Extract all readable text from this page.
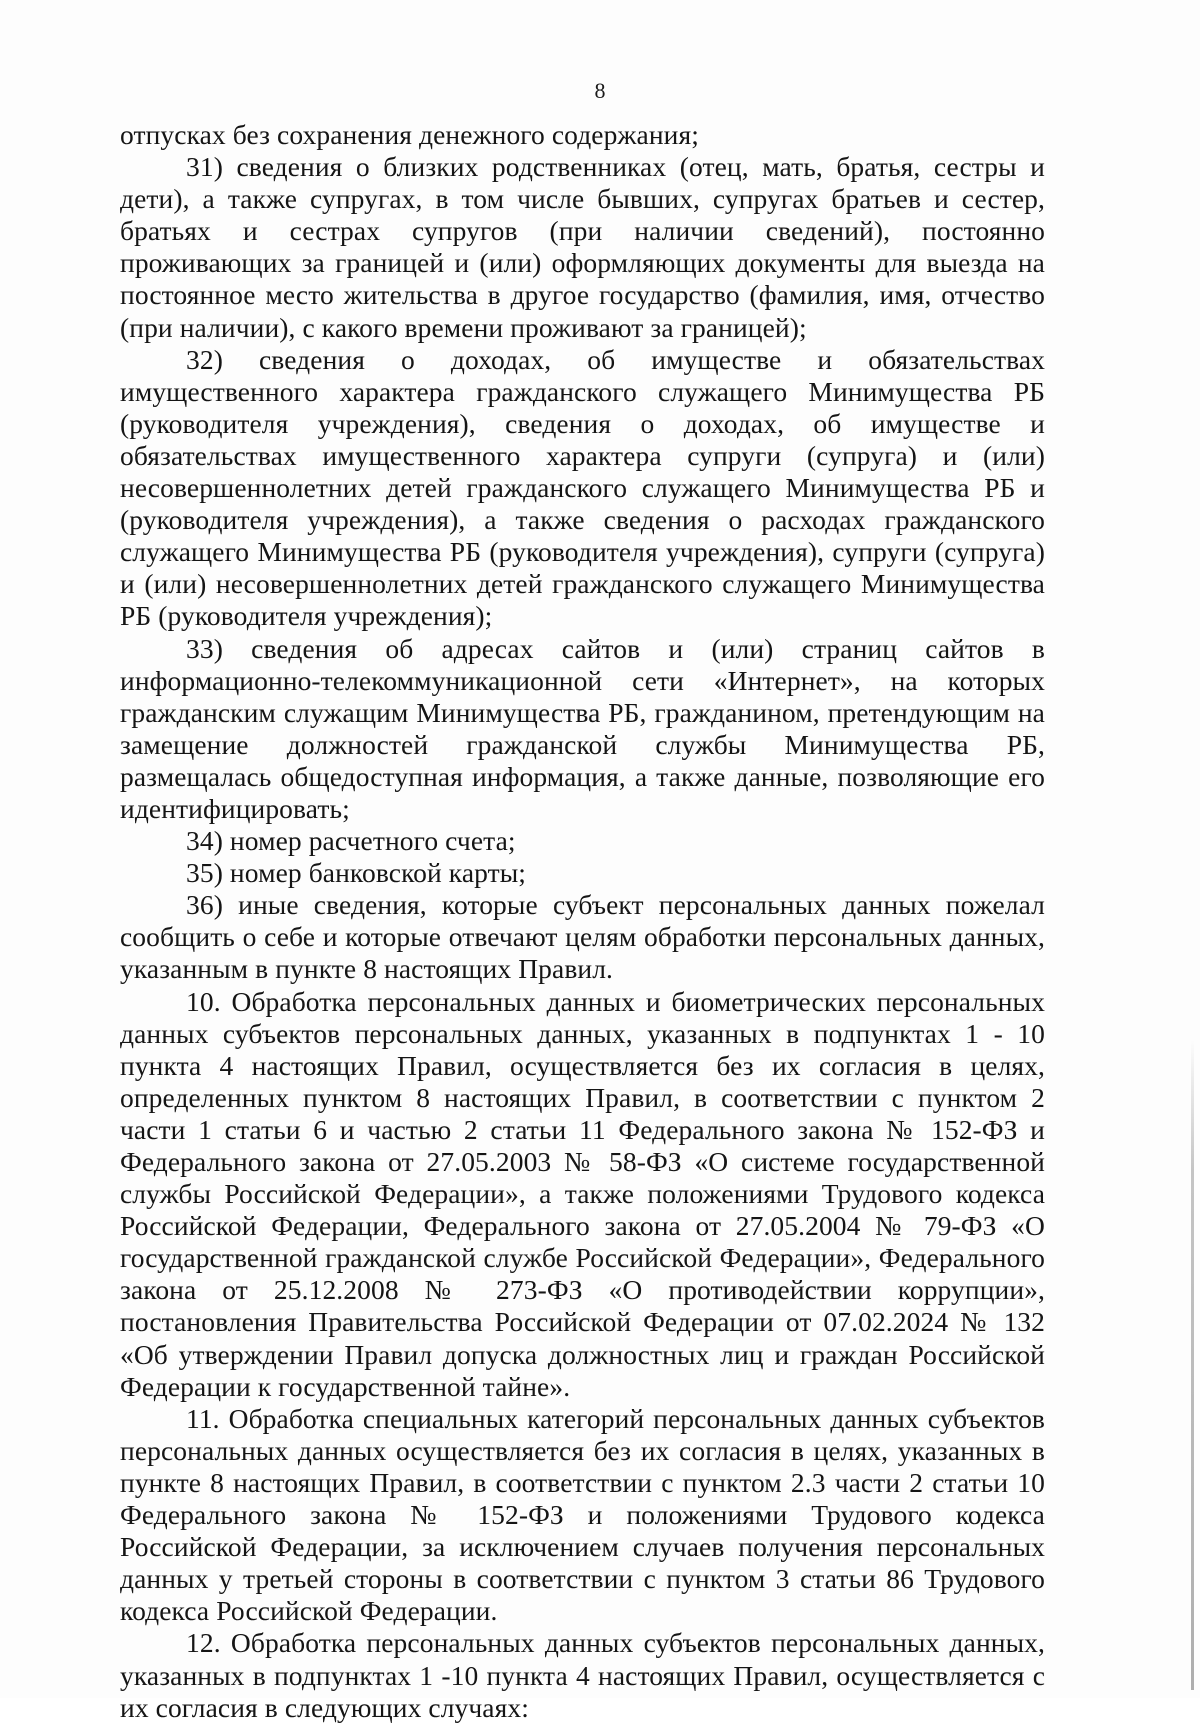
8

отпусках без сохранения денежного содержания;

31) сведения о близких родственниках (отец, мать, братья, сестры и дети), а также супругах, в том числе бывших, супругах братьев и сестер, братьях и сестрах супругов (при наличии сведений), постоянно проживающих за границей и (или) оформляющих документы для выезда на постоянное место жительства в другое государство (фамилия, имя, отчество (при наличии), с какого времени проживают за границей);

32) сведения о доходах, об имуществе и обязательствах имущественного характера гражданского служащего Минимущества РБ (руководителя учреждения), сведения о доходах, об имуществе и обязательствах имущественного характера супруги (супруга) и (или) несовершеннолетних детей гражданского служащего Минимущества РБ и (руководителя учреждения), а также сведения о расходах гражданского служащего Минимущества РБ (руководителя учреждения), супруги (супруга) и (или) несовершеннолетних детей гражданского служащего Минимущества РБ (руководителя учреждения);

33) сведения об адресах сайтов и (или) страниц сайтов в информационно-телекоммуникационной сети «Интернет», на которых гражданским служащим Минимущества РБ, гражданином, претендующим на замещение должностей гражданской службы Минимущества РБ, размещалась общедоступная информация, а также данные, позволяющие его идентифицировать;

34) номер расчетного счета;

35) номер банковской карты;

36) иные сведения, которые субъект персональных данных пожелал сообщить о себе и которые отвечают целям обработки персональных данных, указанным в пункте 8 настоящих Правил.

10. Обработка персональных данных и биометрических персональных данных субъектов персональных данных, указанных в подпунктах 1 - 10 пункта 4 настоящих Правил, осуществляется без их согласия в целях, определенных пунктом 8 настоящих Правил, в соответствии с пунктом 2 части 1 статьи 6 и частью 2 статьи 11 Федерального закона № 152-ФЗ и Федерального закона от 27.05.2003 № 58-ФЗ «О системе государственной службы Российской Федерации», а также положениями Трудового кодекса Российской Федерации, Федерального закона от 27.05.2004 № 79-ФЗ «О государственной гражданской службе Российской Федерации», Федерального закона от 25.12.2008 № 273-ФЗ «О противодействии коррупции», постановления Правительства Российской Федерации от 07.02.2024 № 132 «Об утверждении Правил допуска должностных лиц и граждан Российской Федерации к государственной тайне».

11. Обработка специальных категорий персональных данных субъектов персональных данных осуществляется без их согласия в целях, указанных в пункте 8 настоящих Правил, в соответствии с пунктом 2.3 части 2 статьи 10 Федерального закона № 152-ФЗ и положениями Трудового кодекса Российской Федерации, за исключением случаев получения персональных данных у третьей стороны в соответствии с пунктом 3 статьи 86 Трудового кодекса Российской Федерации.

12. Обработка персональных данных субъектов персональных данных, указанных в подпунктах 1 -10 пункта 4 настоящих Правил, осуществляется с их согласия в следующих случаях:
